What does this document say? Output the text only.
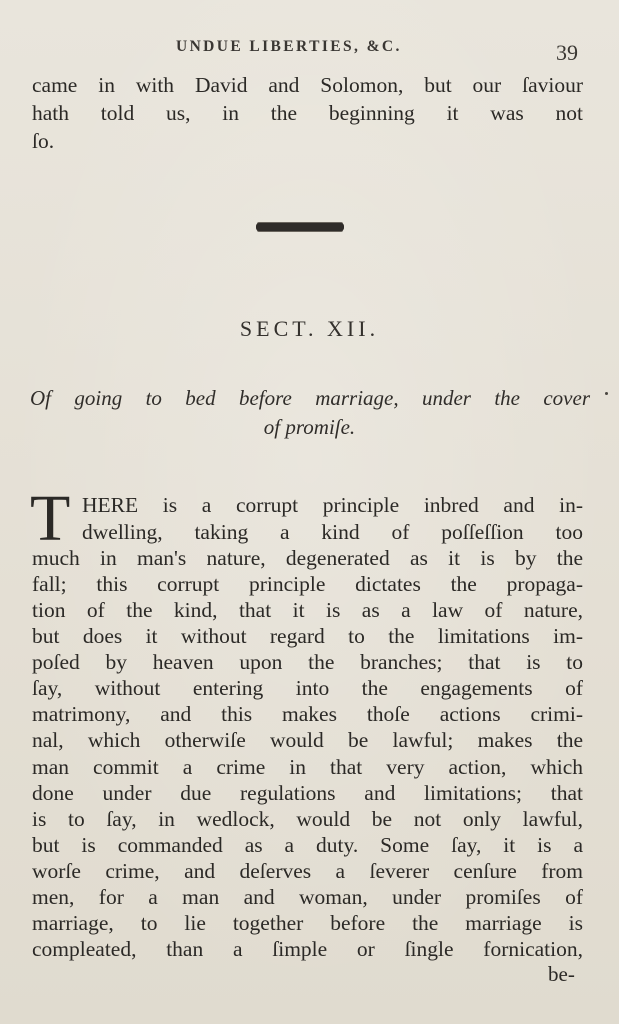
UNDUE LIBERTIES, &C.	39
came in with David and Solomon, but our ſaviour
hath told us, in the beginning it was not
ſo.
SECT. XII.
Of going to bed before marriage, under the cover
of promiſe.
T HERE is a corrupt principle inbred and in-
dwelling, taking a kind of poſſeſſion too
much in man's nature, degenerated as it is by the
fall; this corrupt principle dictates the propaga-
tion of the kind, that it is as a law of nature,
but does it without regard to the limitations im-
poſed by heaven upon the branches; that is to
ſay, without entering into the engagements of
matrimony, and this makes thoſe actions crimi-
nal, which otherwiſe would be lawful; makes the
man commit a crime in that very action, which
done under due regulations and limitations; that
is to ſay, in wedlock, would be not only lawful,
but is commanded as a duty. Some ſay, it is a
worſe crime, and deſerves a ſeverer cenſure from
men, for a man and woman, under promiſes of
marriage, to lie together before the marriage is
compleated, than a ſimple or ſingle fornication,
be-
